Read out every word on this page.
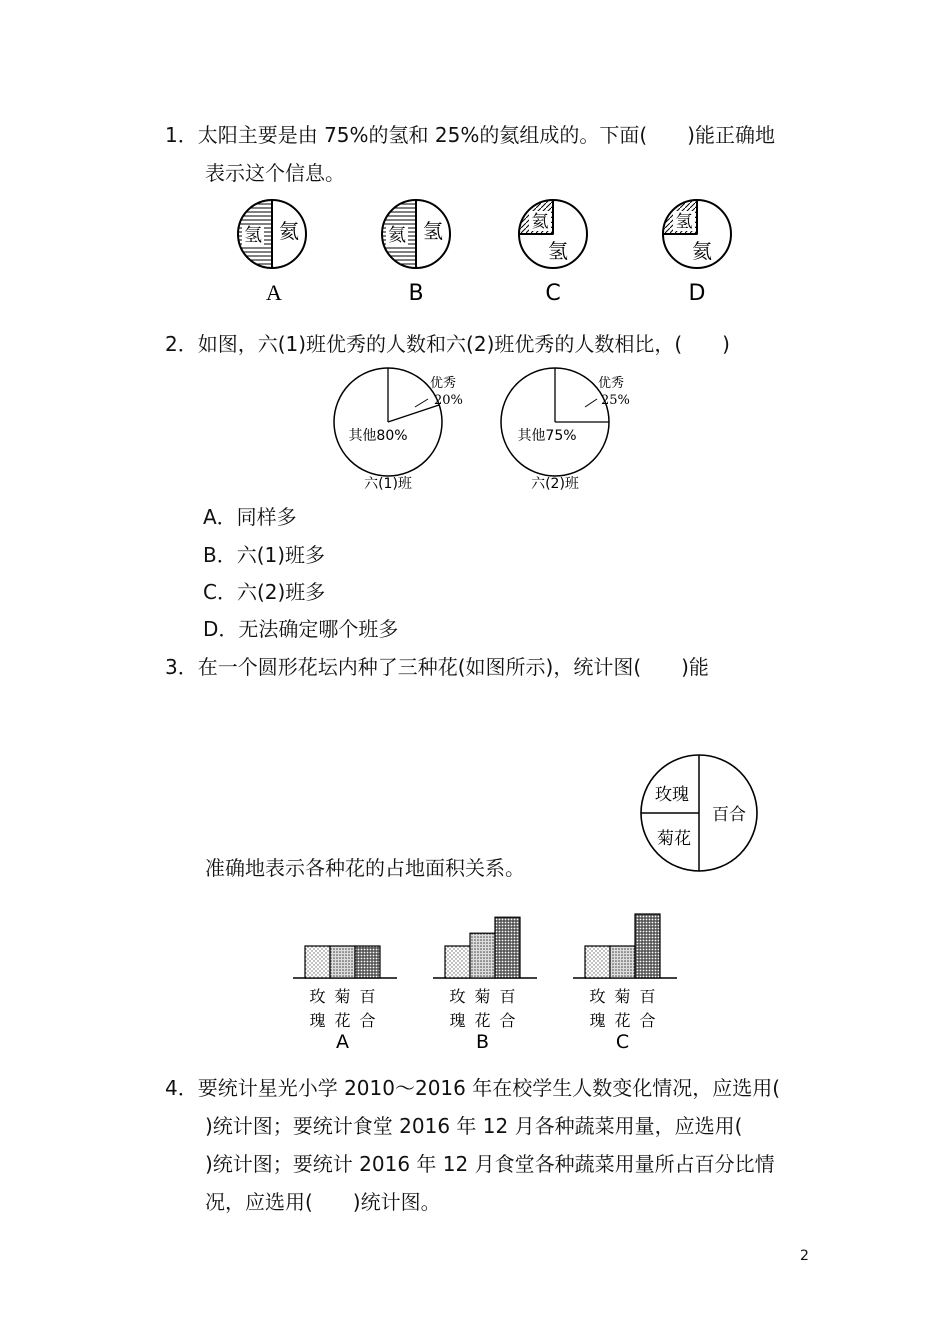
1．太阳主要是由 75%的氢和 25%的氦组成的。下面(　　)能正确地
表示这个信息。
氢 氦
A
氦 氢
B
氦
氢
C
氢
氦
D
2．如图，六(1)班优秀的人数和六(2)班优秀的人数相比，(　　)
优秀
20%
其他80%
六(1)班
优秀
25%
其他75%
六(2)班
A．同样多
B．六(1)班多
C．六(2)班多
D．无法确定哪个班多
3．在一个圆形花坛内种了三种花(如图所示)，统计图(　　)能
玫瑰
百合
菊花
准确地表示各种花的占地面积关系。
玫
瑰
菊
花
百
合
A
玫
瑰
菊
花
百
合
B
玫
瑰
菊
花
百
合
C
4．要统计星光小学 2010～2016 年在校学生人数变化情况，应选用(
)统计图；要统计食堂 2016 年 12 月各种蔬菜用量，应选用(
)统计图；要统计 2016 年 12 月食堂各种蔬菜用量所占百分比情
况，应选用(　　)统计图。
2
